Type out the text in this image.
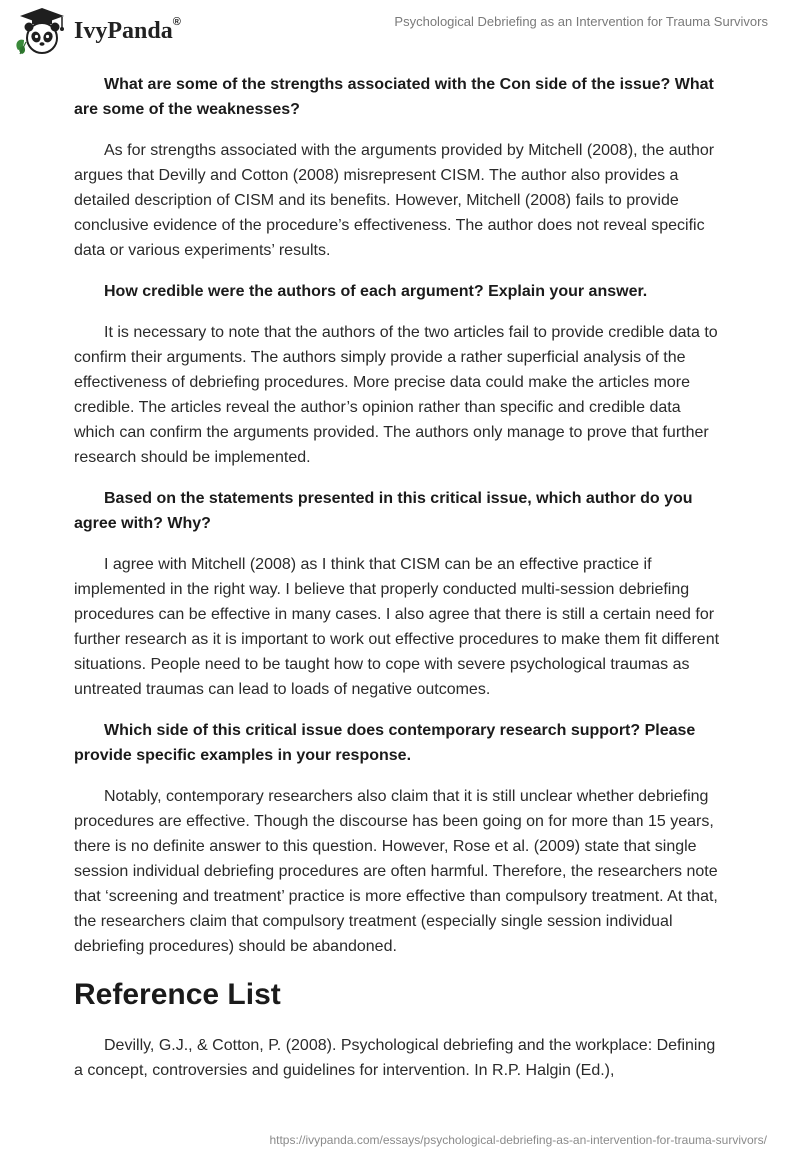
IvyPanda®	Psychological Debriefing as an Intervention for Trauma Survivors

What are some of the strengths associated with the Con side of the issue? What are some of the weaknesses?

As for strengths associated with the arguments provided by Mitchell (2008), the author argues that Devilly and Cotton (2008) misrepresent CISM. The author also provides a detailed description of CISM and its benefits. However, Mitchell (2008) fails to provide conclusive evidence of the procedure’s effectiveness. The author does not reveal specific data or various experiments’ results.

How credible were the authors of each argument? Explain your answer.

It is necessary to note that the authors of the two articles fail to provide credible data to confirm their arguments. The authors simply provide a rather superficial analysis of the effectiveness of debriefing procedures. More precise data could make the articles more credible. The articles reveal the author’s opinion rather than specific and credible data which can confirm the arguments provided. The authors only manage to prove that further research should be implemented.

Based on the statements presented in this critical issue, which author do you agree with? Why?

I agree with Mitchell (2008) as I think that CISM can be an effective practice if implemented in the right way. I believe that properly conducted multi-session debriefing procedures can be effective in many cases. I also agree that there is still a certain need for further research as it is important to work out effective procedures to make them fit different situations. People need to be taught how to cope with severe psychological traumas as untreated traumas can lead to loads of negative outcomes.

Which side of this critical issue does contemporary research support? Please provide specific examples in your response.

Notably, contemporary researchers also claim that it is still unclear whether debriefing procedures are effective. Though the discourse has been going on for more than 15 years, there is no definite answer to this question. However, Rose et al. (2009) state that single session individual debriefing procedures are often harmful. Therefore, the researchers note that ‘screening and treatment’ practice is more effective than compulsory treatment. At that, the researchers claim that compulsory treatment (especially single session individual debriefing procedures) should be abandoned.

Reference List

Devilly, G.J., & Cotton, P. (2008). Psychological debriefing and the workplace: Defining a concept, controversies and guidelines for intervention. In R.P. Halgin (Ed.),

https://ivypanda.com/essays/psychological-debriefing-as-an-intervention-for-trauma-survivors/
